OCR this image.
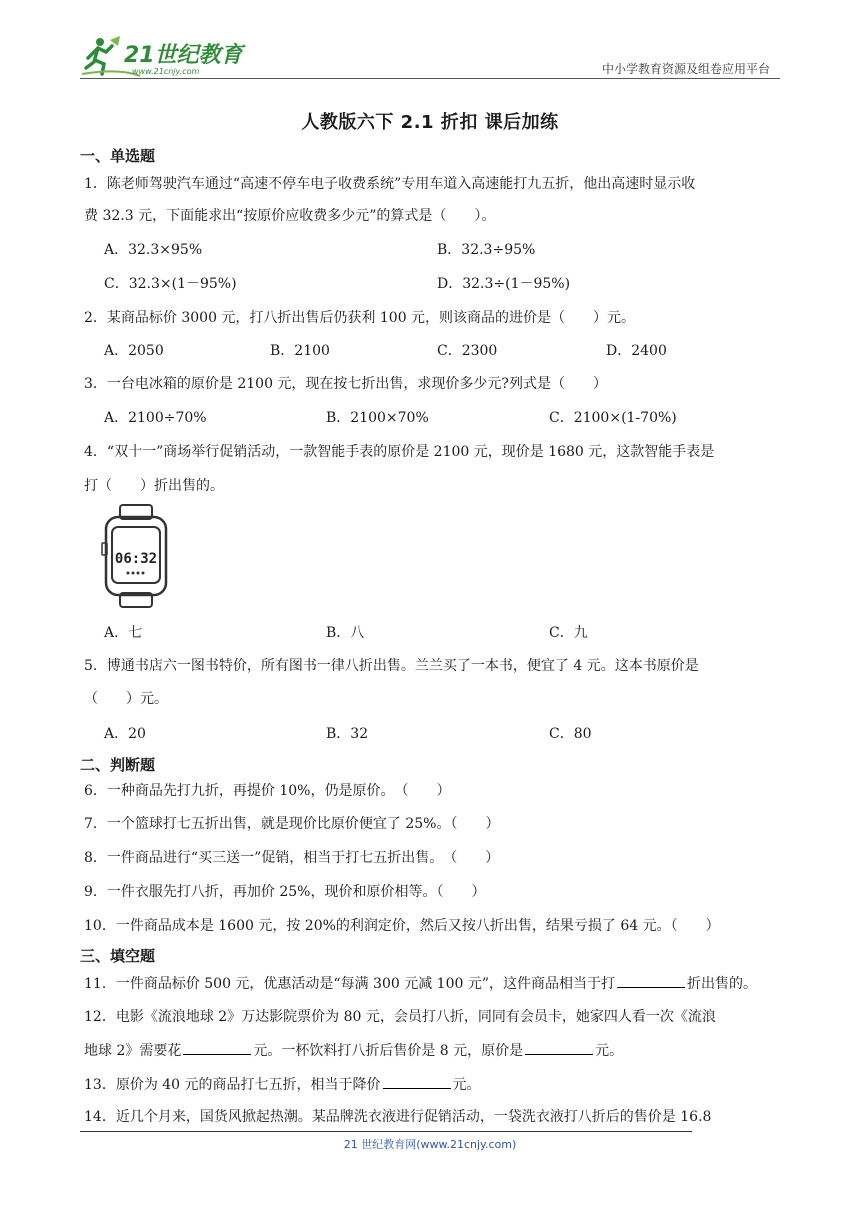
21世纪教育
www.21cnjy.com	中小学教育资源及组卷应用平台
人教版六下 2.1 折扣 课后加练
一、单选题
1．陈老师驾驶汽车通过“高速不停车电子收费系统”专用车道入高速能打九五折，他出高速时显示收
费 32.3 元，下面能求出“按原价应收费多少元”的算式是（　　）。
A．32.3×95%	B．32.3÷95%
C．32.3×(1－95%)	D．32.3÷(1－95%)
2．某商品标价 3000 元，打八折出售后仍获利 100 元，则该商品的进价是（　　）元。
A．2050	B．2100	C．2300	D．2400
3．一台电冰箱的原价是 2100 元，现在按七折出售，求现价多少元?列式是（　　）
A．2100÷70%	B．2100×70%	C．2100×(1-70%)
4．“双十一”商场举行促销活动，一款智能手表的原价是 2100 元，现价是 1680 元，这款智能手表是
打（　　）折出售的。
06:32
A．七	B．八	C．九
5．博通书店六一图书特价，所有图书一律八折出售。兰兰买了一本书，便宜了 4 元。这本书原价是
（　　）元。
A．20	B．32	C．80
二、判断题
6．一种商品先打九折，再提价 10%，仍是原价。　（　　）
7．一个篮球打七五折出售，就是现价比原价便宜了 25%。（　　）
8．一件商品进行“买三送一”促销，相当于打七五折出售。　（　　）
9．一件衣服先打八折，再加价 25%，现价和原价相等。（　　）
10．一件商品成本是 1600 元，按 20%的利润定价，然后又按八折出售，结果亏损了 64 元。（　　）
三、填空题
11．一件商品标价 500 元，优惠活动是“每满 300 元减 100 元”，这件商品相当于打	折出售的。
12．电影《流浪地球 2》万达影院票价为 80 元，会员打八折，同同有会员卡，她家四人看一次《流浪
地球 2》需要花	元。一杯饮料打八折后售价是 8 元，原价是	元。
13．原价为 40 元的商品打七五折，相当于降价	元。
14．近几个月来，国货风掀起热潮。某品牌洗衣液进行促销活动，一袋洗衣液打八折后的售价是 16.8
21 世纪教育网(www.21cnjy.com)
